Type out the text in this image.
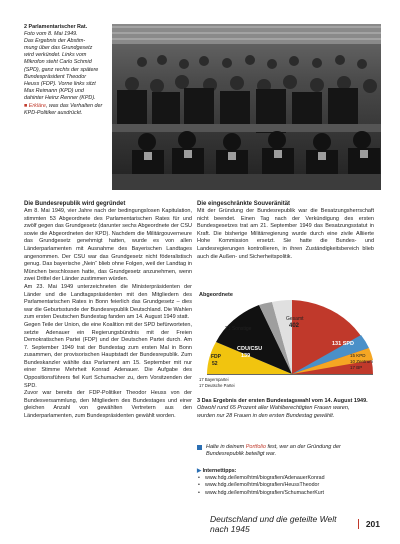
2 Parlamentarischer Rat.
Foto vom 8. Mai 1949.
Das Ergebnis der Abstim-
mung über das Grundgesetz
wird verkündet. Links vom
Mikrofon steht Carlo Schmid
(SPD), ganz rechts der spätere
Bundespräsident Theodor
Heuss (FDP). Vorne links sitzt
Max Reimann (KPD) und
dahinter Heinz Renner (KPD).
■ Erkläre, was das Verhalten der KPD-Politiker ausdrückt.
Die Bundesrepublik wird gegründet

Am 8. Mai 1949, vier Jahre nach der bedingungslosen Kapitulation, stimmten 53 Abgeordnete des Parlamentarischen Rates für und zwölf gegen das Grundgesetz (darunter sechs Abgeordnete der CSU sowie die Abgeordneten der KPD). Nachdem die Militärgouverneure das Grundgesetz genehmigt hatten, wurde es von allen Länderparlamenten mit Ausnahme des Bayerischen Landtages angenommen. Der CSU war das Grundgesetz nicht föderalistisch genug. Das bayerische „Nein“ blieb ohne Folgen, weil der Landtag in München beschlossen hatte, das Grundgesetz anzunehmen, wenn zwei Drittel der Länder zustimmen würden.

Am 23. Mai 1949 unterzeichneten die Ministerpräsidenten der Länder und die Landtagspräsidenten mit den Mitgliedern des Parlamentarischen Rates in Bonn feierlich das Grundgesetz – dies war die Geburtsstunde der Bundesrepublik Deutschland. Die Wahlen zum ersten Deutschen Bundestag fanden am 14. August 1949 statt.

Gegen Teile der Union, die eine Koalition mit der SPD befürworteten, setzte Adenauer ein Regierungsbündnis mit der Freien Demokratischen Partei (FDP) und der Deutschen Partei durch. Am 7. September 1949 trat der Bundestag zum ersten Mal in Bonn zusammen, der provisorischen Hauptstadt der Bundesrepublik. Zum Bundeskanzler wählte das Parlament am 15. September mit nur einer Stimme Mehrheit Konrad Adenauer. Die Aufgabe des Oppositionsführers fiel Kurt Schumacher zu, dem Vorsitzenden der SPD.

Zuvor war bereits der FDP-Politiker Theodor Heuss von der Bundesversammlung, den Mitgliedern des Bundestages und einer gleichen Anzahl von gewählten Vertretern aus den Länderparlamenten, zum Bundespräsidenten gewählt worden.

Die eingeschränkte Souveränität

Mit der Gründung der Bundesrepublik war die Besatzungsherrschaft nicht beendet. Einen Tag nach der Verkündigung des ersten Bundesgesetzes trat am 21. September 1949 das Besatzungsstatut in Kraft. Die bisherige Militärregierung wurde durch eine zivile Alliierte Hohe Kommission ersetzt. Sie hatte die Bundes- und Landesregierungen kontrollieren, in ihren Zuständigkeitsbereich blieb auch die Außen- und Sicherheitspolitik.

Abgeordnete
21 Sonstige
Gesamt
402
CDU/CSU
139
FDP
52
131 SPD
15 KPD
10 Zentrum
17 BP
17 Bayernpartei
17 Deutsche Partei
3 Das Ergebnis der ersten Bundestagswahl vom 14. August 1949.
Obwohl rund 65 Prozent aller Wahlberechtigten Frauen waren,
wurden nur 28 Frauen in den ersten Bundestag gewählt.
Halte in deinem Portfolio fest, wer an der Gründung der Bundesrepublik beteiligt war.
▶ Internettipps:
• www.hdg.de/lemo/html/biografien/AdenauerKonrad
• www.hdg.de/lemo/html/biografien/HeussTheodor
• www.hdg.de/lemo/html/biografien/SchumacherKurt
Deutschland und die geteilte Welt nach 1945	201
